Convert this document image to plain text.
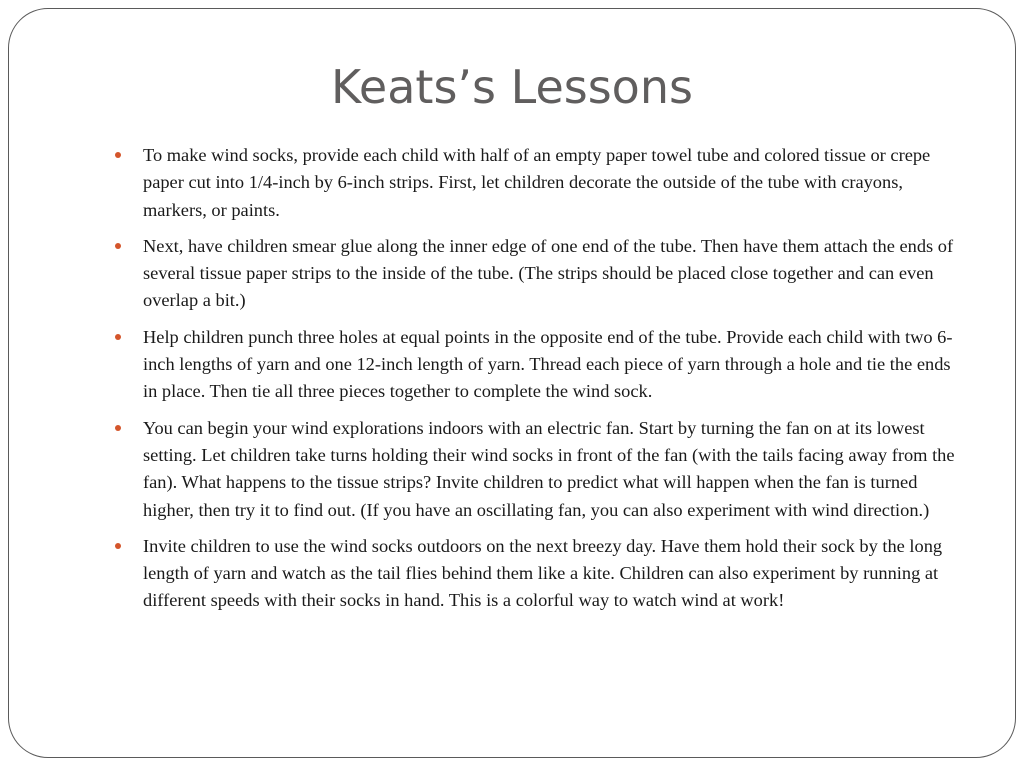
Keats’s Lessons
To make wind socks, provide each child with half of an empty paper towel tube and colored tissue or crepe paper cut into 1/4-inch by 6-inch strips. First, let children decorate the outside of the tube with crayons, markers, or paints.
Next, have children smear glue along the inner edge of one end of the tube. Then have them attach the ends of several tissue paper strips to the inside of the tube. (The strips should be placed close together and can even overlap a bit.)
Help children punch three holes at equal points in the opposite end of the tube. Provide each child with two 6-inch lengths of yarn and one 12-inch length of yarn. Thread each piece of yarn through a hole and tie the ends in place. Then tie all three pieces together to complete the wind sock.
You can begin your wind explorations indoors with an electric fan. Start by turning the fan on at its lowest setting. Let children take turns holding their wind socks in front of the fan (with the tails facing away from the fan). What happens to the tissue strips? Invite children to predict what will happen when the fan is turned higher, then try it to find out. (If you have an oscillating fan, you can also experiment with wind direction.)
Invite children to use the wind socks outdoors on the next breezy day. Have them hold their sock by the long length of yarn and watch as the tail flies behind them like a kite. Children can also experiment by running at different speeds with their socks in hand. This is a colorful way to watch wind at work!
